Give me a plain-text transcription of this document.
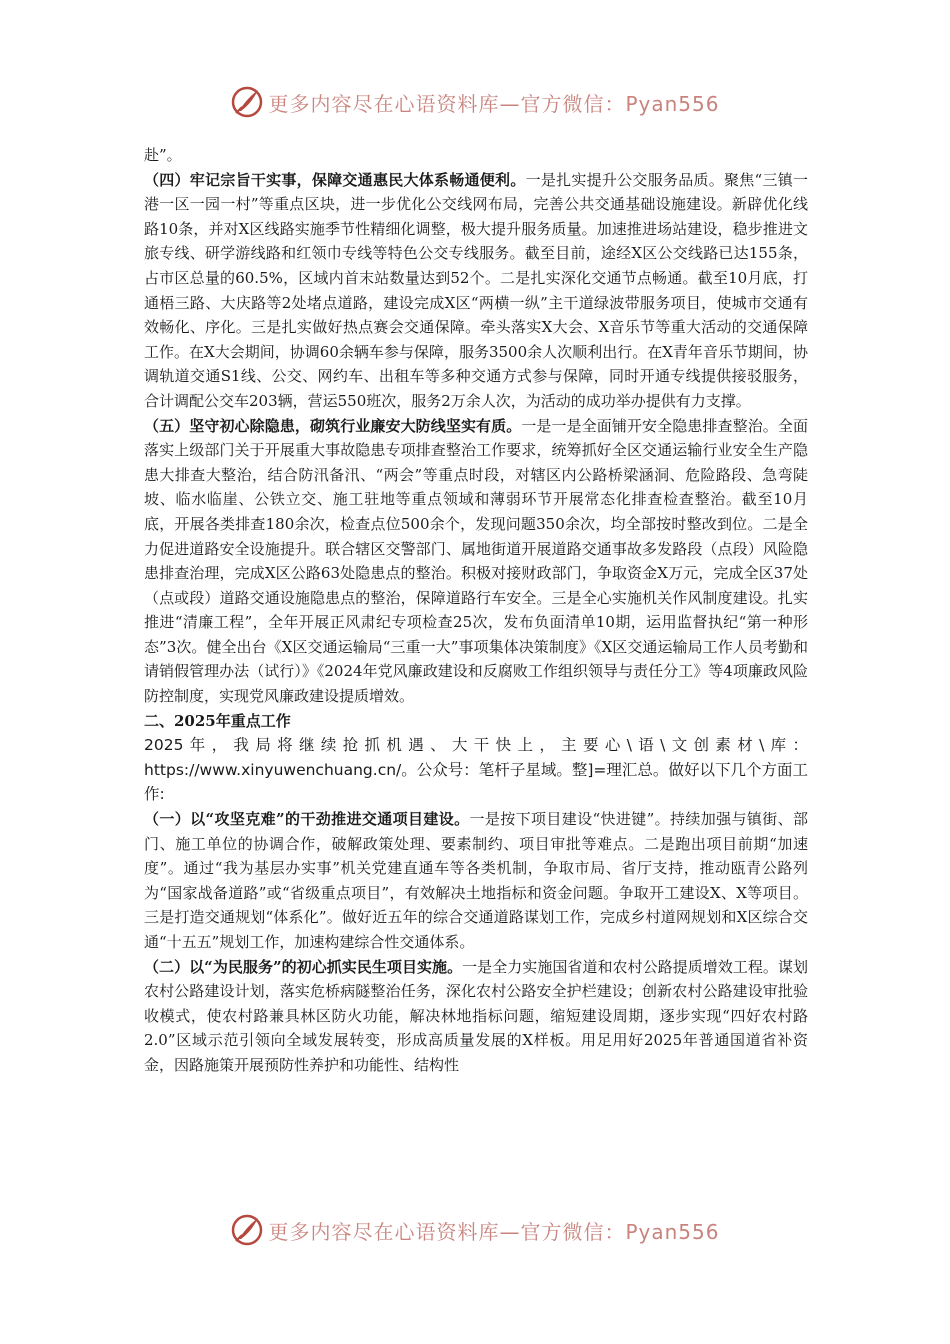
更多内容尽在心语资料库—官方微信：Pyan556

赴”。

（四）牢记宗旨干实事，保障交通惠民大体系畅通便利。一是扎实提升公交服务品质。聚焦“三镇一港一区一园一村”等重点区块，进一步优化公交线网布局，完善公共交通基础设施建设。新辟优化线路10条，并对X区线路实施季节性精细化调整，极大提升服务质量。加速推进场站建设，稳步推进文旅专线、研学游线路和红领巾专线等特色公交专线服务。截至目前，途经X区公交线路已达155条，占市区总量的60.5%，区域内首末站数量达到52个。二是扎实深化交通节点畅通。截至10月底，打通梧三路、大庆路等2处堵点道路，建设完成X区“两横一纵”主干道绿波带服务项目，使城市交通有效畅化、序化。三是扎实做好热点赛会交通保障。牵头落实X大会、X音乐节等重大活动的交通保障工作。在X大会期间，协调60余辆车参与保障，服务3500余人次顺利出行。在X青年音乐节期间，协调轨道交通S1线、公交、网约车、出租车等多种交通方式参与保障，同时开通专线提供接驳服务，合计调配公交车203辆，营运550班次，服务2万余人次，为活动的成功举办提供有力支撑。

（五）坚守初心除隐患，砌筑行业廉安大防线坚实有质。一是一是全面铺开安全隐患排查整治。全面落实上级部门关于开展重大事故隐患专项排查整治工作要求，统筹抓好全区交通运输行业安全生产隐患大排查大整治，结合防汛备汛、“两会”等重点时段，对辖区内公路桥梁涵洞、危险路段、急弯陡坡、临水临崖、公铁立交、施工驻地等重点领域和薄弱环节开展常态化排查检查整治。截至10月底，开展各类排查180余次，检查点位500余个，发现问题350余次，均全部按时整改到位。二是全力促进道路安全设施提升。联合辖区交警部门、属地街道开展道路交通事故多发路段（点段）风险隐患排查治理，完成X区公路63处隐患点的整治。积极对接财政部门，争取资金X万元，完成全区37处（点或段）道路交通设施隐患点的整治，保障道路行车安全。三是全心实施机关作风制度建设。扎实推进“清廉工程”，全年开展正风肃纪专项检查25次，发布负面清单10期，运用监督执纪“第一种形态”3次。健全出台《X区交通运输局“三重一大”事项集体决策制度》《X区交通运输局工作人员考勤和请销假管理办法（试行）》《2024年党风廉政建设和反腐败工作组织领导与责任分工》等4项廉政风险防控制度，实现党风廉政建设提质增效。

二、2025年重点工作

2025年，我局将继续抢抓机遇、大干快上，主要心\语\文创素材\库：https://www.xinyuwenchuang.cn/。公众号：笔杆子星域。整]=理汇总。做好以下几个方面工作:

（一）以“攻坚克难”的干劲推进交通项目建设。一是按下项目建设“快进键”。持续加强与镇街、部门、施工单位的协调合作，破解政策处理、要素制约、项目审批等难点。二是跑出项目前期“加速度”。通过“我为基层办实事”机关党建直通车等各类机制，争取市局、省厅支持，推动瓯青公路列为“国家战备道路”或“省级重点项目”，有效解决土地指标和资金问题。争取开工建设X、X等项目。三是打造交通规划“体系化”。做好近五年的综合交通道路谋划工作，完成乡村道网规划和X区综合交通“十五五”规划工作，加速构建综合性交通体系。

（二）以“为民服务”的初心抓实民生项目实施。一是全力实施国省道和农村公路提质增效工程。谋划农村公路建设计划，落实危桥病隧整治任务，深化农村公路安全护栏建设；创新农村公路建设审批验收模式，使农村路兼具林区防火功能，解决林地指标问题，缩短建设周期，逐步实现“四好农村路2.0”区域示范引领向全域发展转变，形成高质量发展的X样板。用足用好2025年普通国道省补资金，因路施策开展预防性养护和功能性、结构性

更多内容尽在心语资料库—官方微信：Pyan556
